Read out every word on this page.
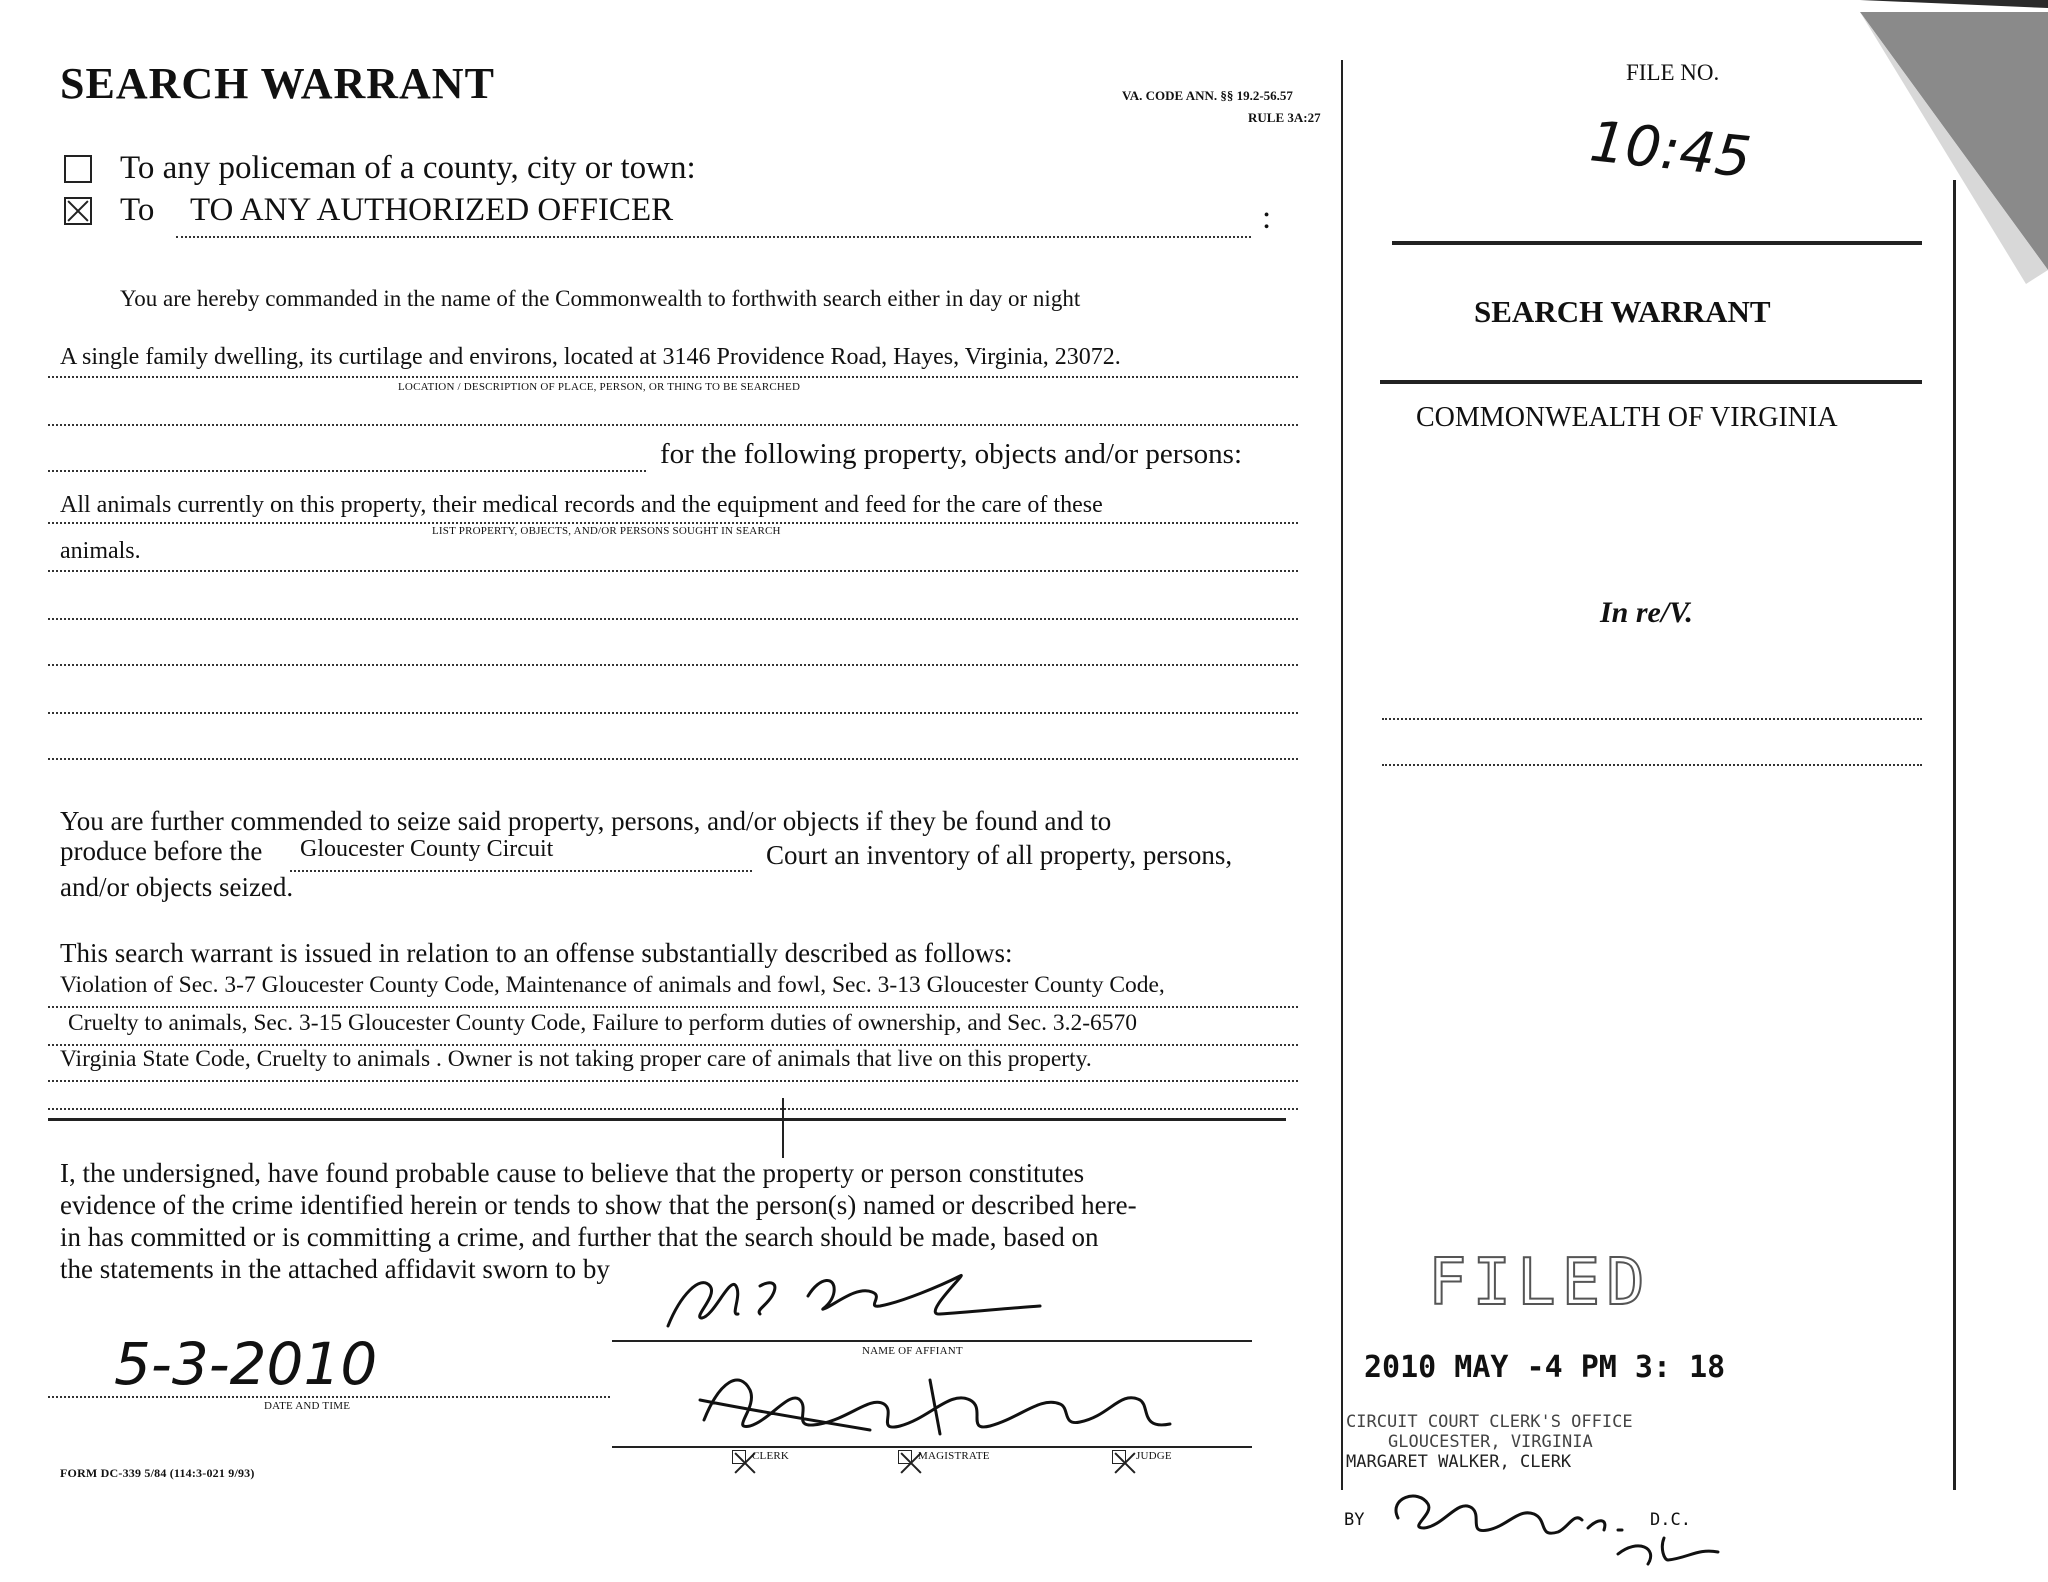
SEARCH WARRANT	VA. CODE ANN. §§ 19.2-56.57
RULE 3A:27
To any policeman of a county, city or town:
To TO ANY AUTHORIZED OFFICER	:
You are hereby commanded in the name of the Commonwealth to forthwith search either in day or night
A single family dwelling, its curtilage and environs, located at 3146 Providence Road, Hayes, Virginia, 23072.
LOCATION / DESCRIPTION OF PLACE, PERSON, OR THING TO BE SEARCHED
for the following property, objects and/or persons:
All animals currently on this property, their medical records and the equipment and feed for the care of these
LIST PROPERTY, OBJECTS, AND/OR PERSONS SOUGHT IN SEARCH
animals.
You are further commended to seize said property, persons, and/or objects if they be found and to
produce before the Gloucester County Circuit	Court an inventory of all property, persons,
and/or objects seized.
This search warrant is issued in relation to an offense substantially described as follows:
Violation of Sec. 3-7 Gloucester County Code, Maintenance of animals and fowl, Sec. 3-13 Gloucester County Code,
Cruelty to animals, Sec. 3-15 Gloucester County Code, Failure to perform duties of ownership, and Sec. 3.2-6570
Virginia State Code, Cruelty to animals . Owner is not taking proper care of animals that live on this property.
I, the undersigned, have found probable cause to believe that the property or person constitutes
evidence of the crime identified herein or tends to show that the person(s) named or described here-
in has committed or is committing a crime, and further that the search should be made, based on
the statements in the attached affidavit sworn to by
NAME OF AFFIANT
5-3-2010
DATE AND TIME
CLERK	MAGISTRATE	JUDGE
FORM DC-339 5/84 (114:3-021 9/93)
FILE NO.
10:45
SEARCH WARRANT
COMMONWEALTH OF VIRGINIA
In re/V.
FILED
2010 MAY -4 PM 3: 18
CIRCUIT COURT CLERK'S OFFICE
GLOUCESTER, VIRGINIA
MARGARET WALKER, CLERK
BY	D.C.
